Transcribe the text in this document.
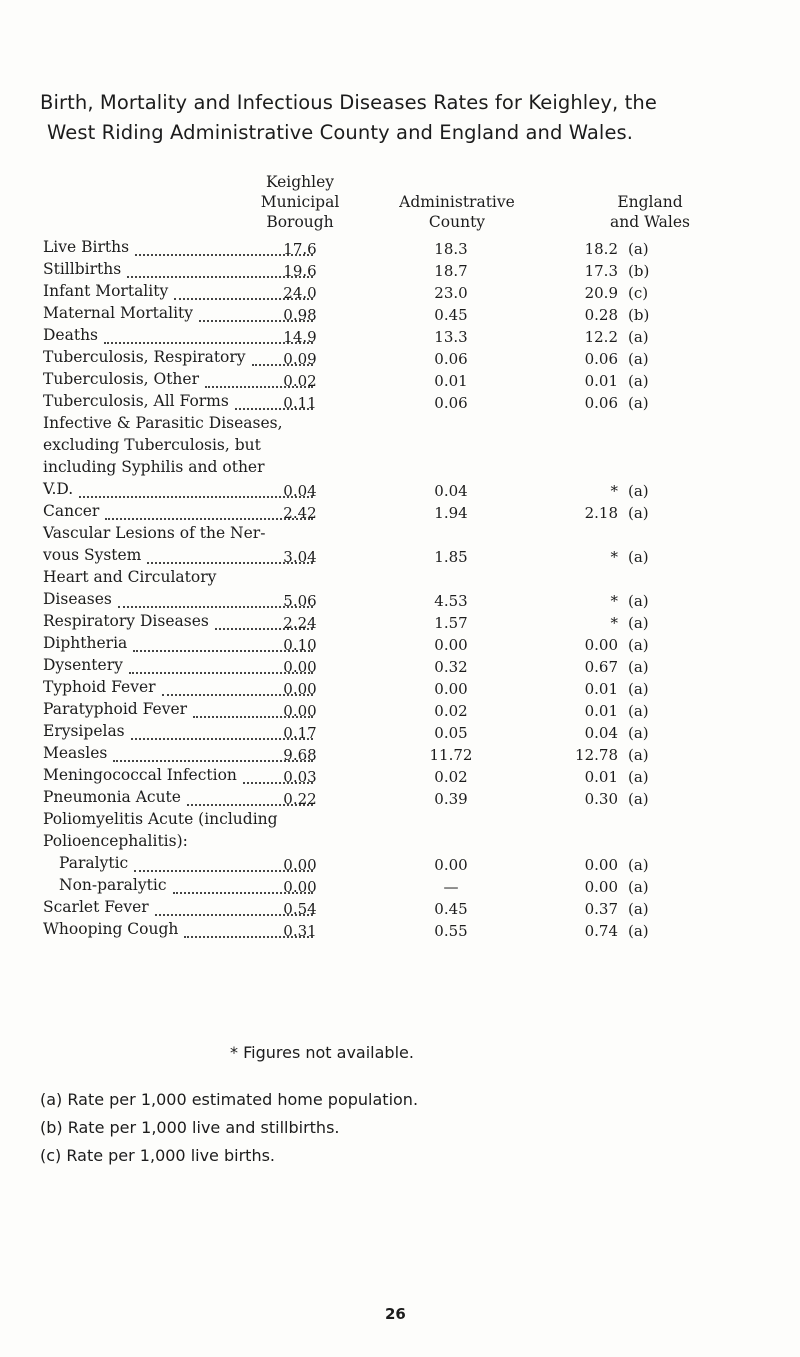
Birth, Mortality and Infectious Diseases Rates for Keighley, the
West Riding Administrative County and England and Wales.
Keighley
Municipal
Borough
Administrative
County
England
and Wales
Live Births	17.6	18.3	18.2 (a)
Stillbirths	19.6	18.7	17.3 (b)
Infant Mortality	24.0	23.0	20.9 (c)
Maternal Mortality	0.98	0.45	0.28 (b)
Deaths	14.9	13.3	12.2 (a)
Tuberculosis, Respiratory	0.09	0.06	0.06 (a)
Tuberculosis, Other	0.02	0.01	0.01 (a)
Tuberculosis, All Forms	0.11	0.06	0.06 (a)
Infective & Parasitic Diseases,
excluding Tuberculosis, but
including Syphilis and other
V.D.	0.04	0.04	* (a)
Cancer	2.42	1.94	2.18 (a)
Vascular Lesions of the Ner-
vous System	3.04	1.85	* (a)
Heart and Circulatory
Diseases	5.06	4.53	* (a)
Respiratory Diseases	2.24	1.57	* (a)
Diphtheria	0.10	0.00	0.00 (a)
Dysentery	0.00	0.32	0.67 (a)
Typhoid Fever	0.00	0.00	0.01 (a)
Paratyphoid Fever	0.00	0.02	0.01 (a)
Erysipelas	0.17	0.05	0.04 (a)
Measles	9.68	11.72	12.78 (a)
Meningococcal Infection	0.03	0.02	0.01 (a)
Pneumonia Acute	0.22	0.39	0.30 (a)
Poliomyelitis Acute (including
Polioencephalitis):
Paralytic	0.00	0.00	0.00 (a)
Non-paralytic	0.00	—	0.00 (a)
Scarlet Fever	0.54	0.45	0.37 (a)
Whooping Cough	0.31	0.55	0.74 (a)
* Figures not available.
(a) Rate per 1,000 estimated home population.
(b) Rate per 1,000 live and stillbirths.
(c) Rate per 1,000 live births.
26
